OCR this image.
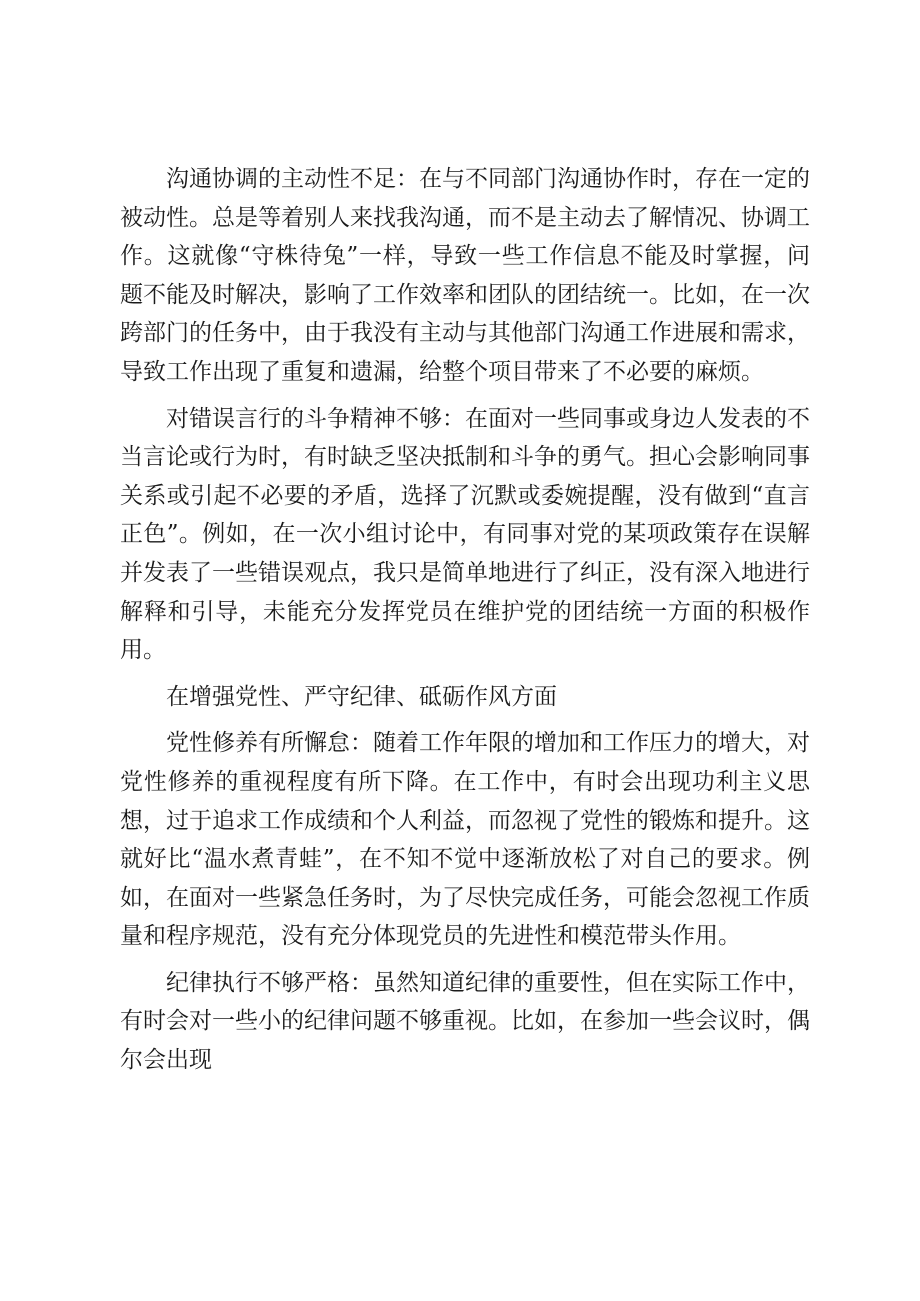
沟通协调的主动性不足：在与不同部门沟通协作时，存在一定的被动性。总是等着别人来找我沟通，而不是主动去了解情况、协调工作。这就像“守株待兔”一样，导致一些工作信息不能及时掌握，问题不能及时解决，影响了工作效率和团队的团结统一。比如，在一次跨部门的任务中，由于我没有主动与其他部门沟通工作进展和需求，导致工作出现了重复和遗漏，给整个项目带来了不必要的麻烦。

对错误言行的斗争精神不够：在面对一些同事或身边人发表的不当言论或行为时，有时缺乏坚决抵制和斗争的勇气。担心会影响同事关系或引起不必要的矛盾，选择了沉默或委婉提醒，没有做到“直言正色”。例如，在一次小组讨论中，有同事对党的某项政策存在误解并发表了一些错误观点，我只是简单地进行了纠正，没有深入地进行解释和引导，未能充分发挥党员在维护党的团结统一方面的积极作用。

在增强党性、严守纪律、砥砺作风方面

党性修养有所懈怠：随着工作年限的增加和工作压力的增大，对党性修养的重视程度有所下降。在工作中，有时会出现功利主义思想，过于追求工作成绩和个人利益，而忽视了党性的锻炼和提升。这就好比“温水煮青蛙”，在不知不觉中逐渐放松了对自己的要求。例如，在面对一些紧急任务时，为了尽快完成任务，可能会忽视工作质量和程序规范，没有充分体现党员的先进性和模范带头作用。

纪律执行不够严格：虽然知道纪律的重要性，但在实际工作中，有时会对一些小的纪律问题不够重视。比如，在参加一些会议时，偶尔会出现
